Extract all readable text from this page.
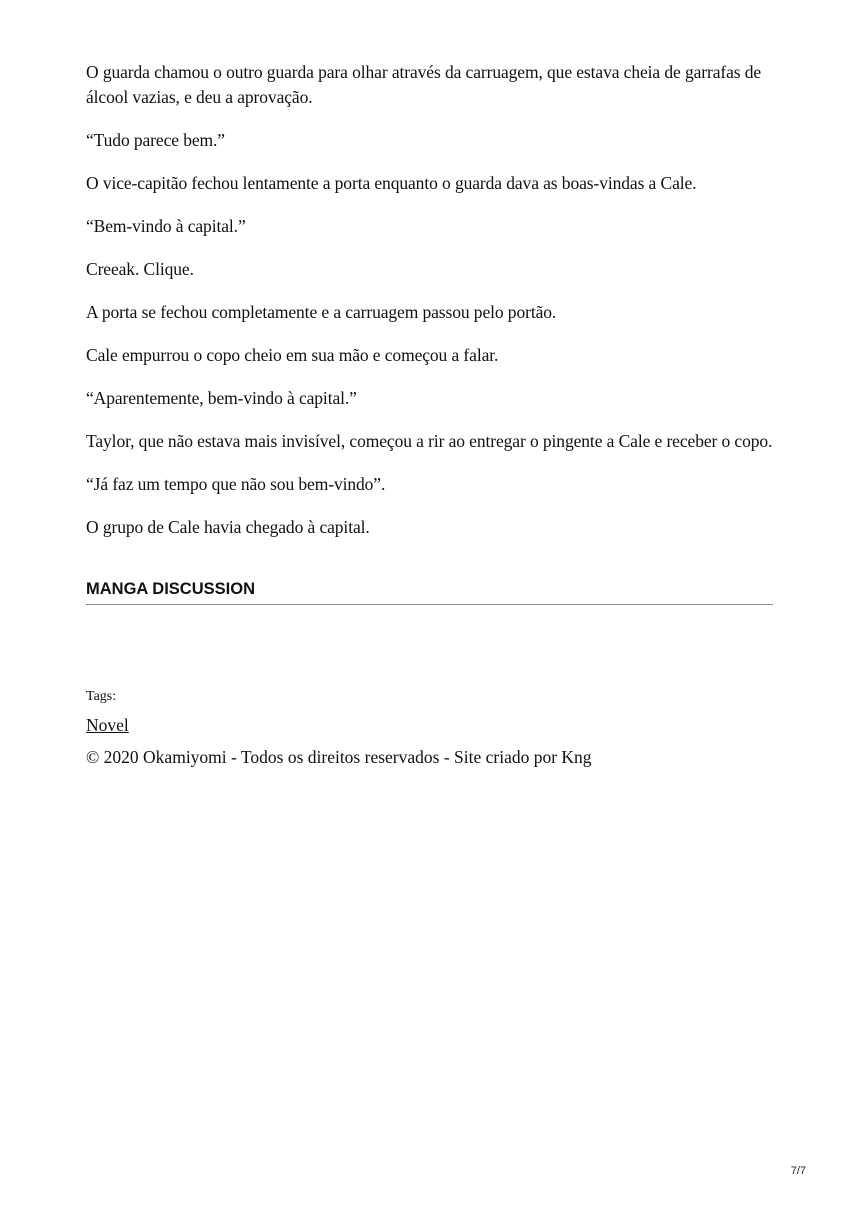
O guarda chamou o outro guarda para olhar através da carruagem, que estava cheia de garrafas de álcool vazias, e deu a aprovação.

“Tudo parece bem.”

O vice-capitão fechou lentamente a porta enquanto o guarda dava as boas-vindas a Cale.

“Bem-vindo à capital.”

Creeak. Clique.

A porta se fechou completamente e a carruagem passou pelo portão.

Cale empurrou o copo cheio em sua mão e começou a falar.

“Aparentemente, bem-vindo à capital.”

Taylor, que não estava mais invisível, começou a rir ao entregar o pingente a Cale e receber o copo.

“Já faz um tempo que não sou bem-vindo”.

O grupo de Cale havia chegado à capital.

MANGA DISCUSSION
Tags:
Novel
© 2020 Okamiyomi - Todos os direitos reservados - Site criado por Kng
7/7
